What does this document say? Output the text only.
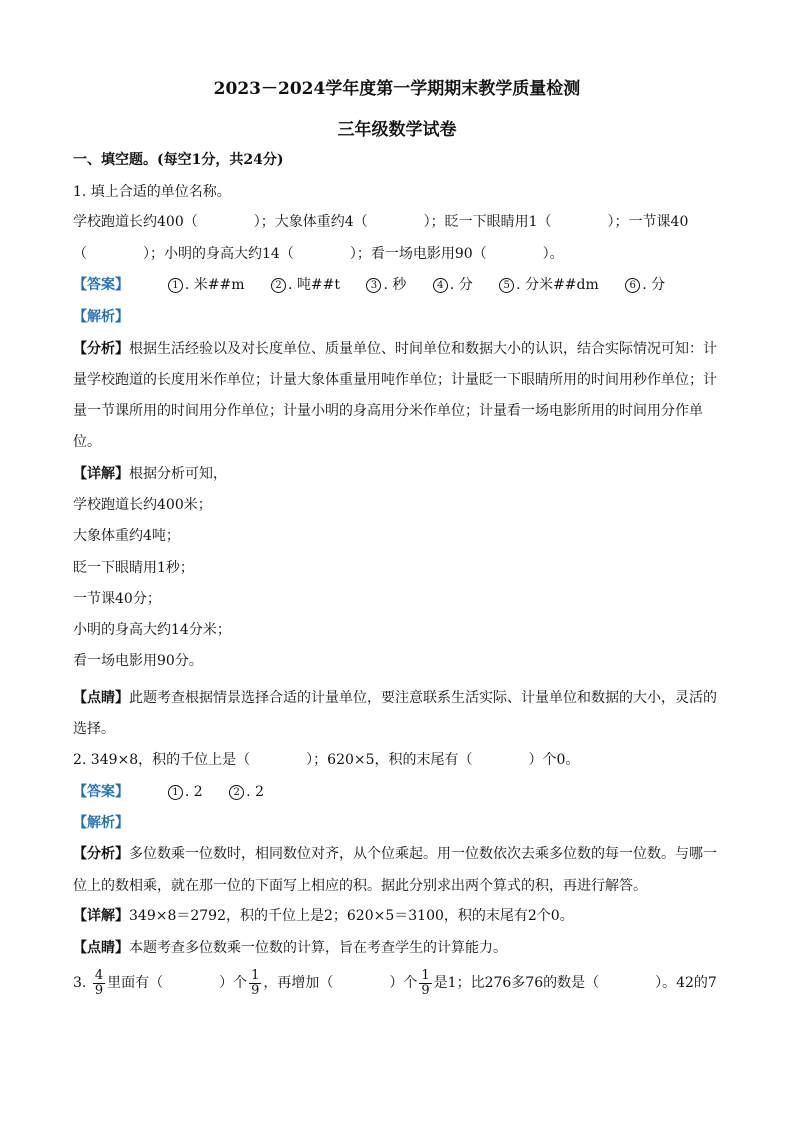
2023－2024学年度第一学期期末教学质量检测
三年级数学试卷
一、填空题。(每空1分，共24分)
1. 填上合适的单位名称。
学校跑道长约400（　　　　）；大象体重约4（　　　　）；眨一下眼睛用1（　　　　）；一节课40
（　　　　）；小明的身高大约14（　　　　）；看一场电影用90（　　　　）。
【答案】	1 . 米##m	2 . 吨##t	3 . 秒	4 . 分	5 . 分米##dm	6 . 分
【解析】
【分析】根据生活经验以及对长度单位、质量单位、时间单位和数据大小的认识，结合实际情况可知：计
量学校跑道的长度用米作单位；计量大象体重量用吨作单位；计量眨一下眼睛所用的时间用秒作单位；计
量一节课所用的时间用分作单位；计量小明的身高用分米作单位；计量看一场电影所用的时间用分作单
位。
【详解】根据分析可知，
学校跑道长约400米；
大象体重约4吨；
眨一下眼睛用1秒；
一节课40分；
小明的身高大约14分米；
看一场电影用90分。
【点睛】此题考查根据情景选择合适的计量单位，要注意联系生活实际、计量单位和数据的大小，灵活的
选择。
2. 349×8，积的千位上是（　　　　）；620×5，积的末尾有（　　　　）个0。
【答案】	1 . 2	2 . 2
【解析】
【分析】多位数乘一位数时，相同数位对齐，从个位乘起。用一位数依次去乘多位数的每一位数。与哪一
位上的数相乘，就在那一位的下面写上相应的积。据此分别求出两个算式的积，再进行解答。
【详解】349×8＝2792，积的千位上是2；620×5＝3100，积的末尾有2个0。
【点睛】本题考查多位数乘一位数的计算，旨在考查学生的计算能力。
3. $\frac{4}{9}$ 里面有（　　　　）个 $\frac{1}{9}$ ，再增加（　　　　）个 $\frac{1}{9}$ 是1；比276多76的数是（　　　　）。42的7
